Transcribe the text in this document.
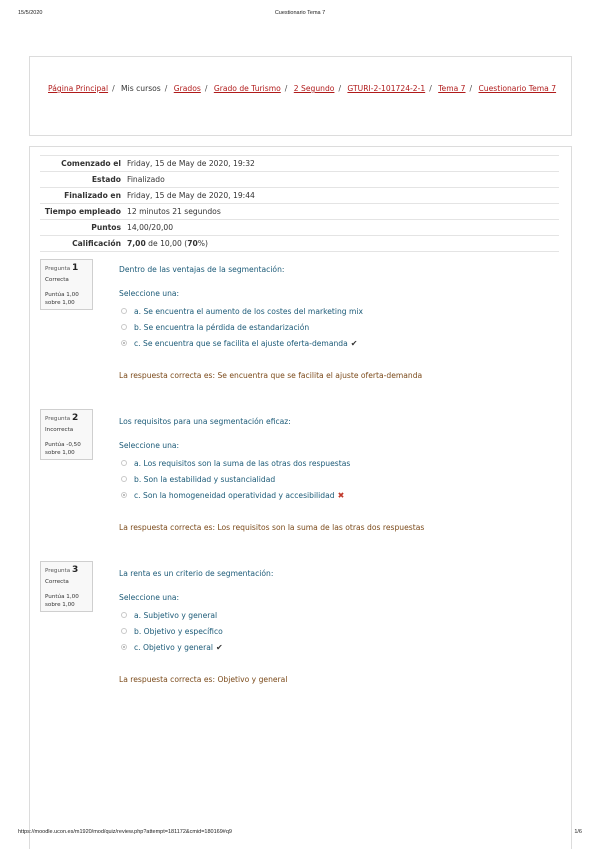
15/5/2020	Cuestionario Tema 7
Página Principal / Mis cursos / Grados / Grado de Turismo / 2 Segundo / GTURI-2-101724-2-1 / Tema 7 / Cuestionario Tema 7
Comenzado el	Friday, 15 de May de 2020, 19:32
Estado	Finalizado
Finalizado en	Friday, 15 de May de 2020, 19:44
Tiempo empleado	12 minutos 21 segundos
Puntos	14,00/20,00
Calificación	7,00 de 10,00 (70%)
Pregunta 1
Correcta
Puntúa 1,00 sobre 1,00
Dentro de las ventajas de la segmentación:
Seleccione una:
a. Se encuentra el aumento de los costes del marketing mix
b. Se encuentra la pérdida de estandarización
c. Se encuentra que se facilita el ajuste oferta-demanda ✔
La respuesta correcta es: Se encuentra que se facilita el ajuste oferta-demanda
Pregunta 2
Incorrecta
Puntúa -0,50 sobre 1,00
Los requisitos para una segmentación eficaz:
Seleccione una:
a. Los requisitos son la suma de las otras dos respuestas
b. Son la estabilidad y sustancialidad
c. Son la homogeneidad operatividad y accesibilidad ✖
La respuesta correcta es: Los requisitos son la suma de las otras dos respuestas
Pregunta 3
Correcta
Puntúa 1,00 sobre 1,00
La renta es un criterio de segmentación:
Seleccione una:
a. Subjetivo y general
b. Objetivo y específico
c. Objetivo y general ✔
La respuesta correcta es: Objetivo y general
https://moodle.ucon.es/m1920/mod/quiz/review.php?attempt=181172&cmid=180169#q9	1/6
